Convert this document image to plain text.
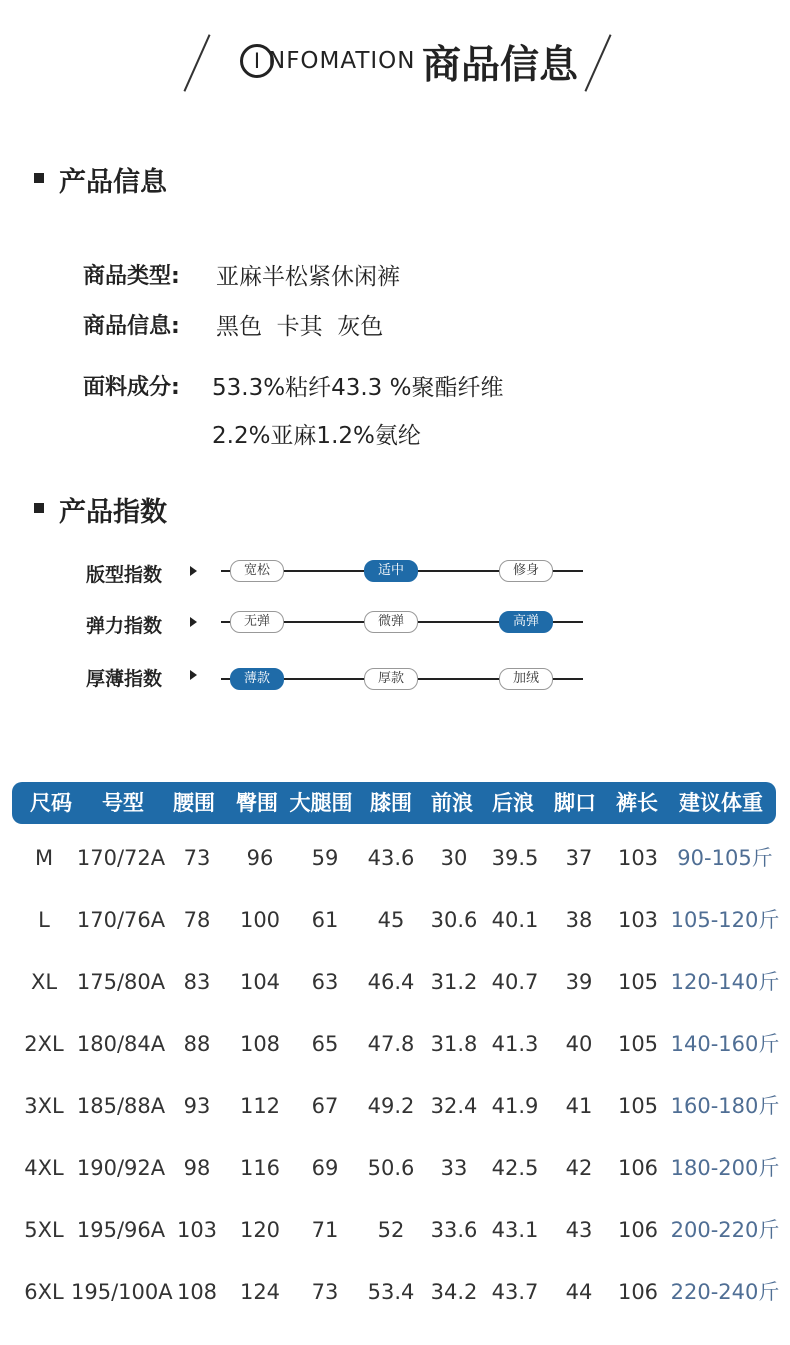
I NFOMATION 商品信息
产品信息
商品类型: 亚麻半松紧休闲裤
商品信息: 黑色  卡其  灰色
面料成分: 53.3%粘纤43.3 %聚酯纤维
2.2%亚麻1.2%氨纶
产品指数
版型指数	宽松	适中	修身
弹力指数	无弹	微弹	高弹
厚薄指数	薄款	厚款	加绒
尺码	号型	腰围	臀围 大腿围 膝围 前浪 后浪 脚口 裤长	建议体重
M	170/72A 73	96	59	43.6	30	39.5	37	103 90-105斤
L	170/76A 78	100	61	45	30.6 40.1	38	103 105-120斤
XL 175/80A 83	104	63	46.4 31.2 40.7	39	105 120-140斤
2XL 180/84A 88	108	65	47.8 31.8 41.3	40	105 140-160斤
3XL 185/88A 93	112	67	49.2 32.4 41.9	41	105 160-180斤
4XL 190/92A 98	116	69	50.6	33	42.5	42	106 180-200斤
5XL 195/96A 103	120	71	52	33.6 43.1	43	106 200-220斤
6XL 195/100A 108	124	73	53.4 34.2 43.7	44	106 220-240斤
